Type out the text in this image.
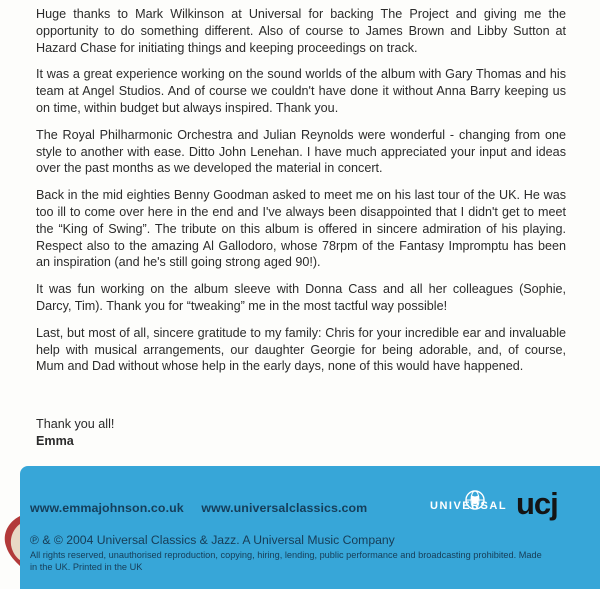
Huge thanks to Mark Wilkinson at Universal for backing The Project and giving me the opportunity to do something different. Also of course to James Brown and Libby Sutton at Hazard Chase for initiating things and keeping proceedings on track.

It was a great experience working on the sound worlds of the album with Gary Thomas and his team at Angel Studios. And of course we couldn't have done it without Anna Barry keeping us on time, within budget but always inspired. Thank you.

The Royal Philharmonic Orchestra and Julian Reynolds were wonderful - changing from one style to another with ease. Ditto John Lenehan. I have much appreciated your input and ideas over the past months as we developed the material in concert.

Back in the mid eighties Benny Goodman asked to meet me on his last tour of the UK. He was too ill to come over here in the end and I've always been disappointed that I didn't get to meet the “King of Swing”. The tribute on this album is offered in sincere admiration of his playing. Respect also to the amazing Al Gallodoro, whose 78rpm of the Fantasy Impromptu has been an inspiration (and he's still going strong aged 90!).

It was fun working on the album sleeve with Donna Cass and all her colleagues (Sophie, Darcy, Tim). Thank you for “tweaking” me in the most tactful way possible!

Last, but most of all, sincere gratitude to my family: Chris for your incredible ear and invaluable help with musical arrangements, our daughter Georgie for being adorable, and, of course, Mum and Dad without whose help in the early days, none of this would have happened.

Thank you all!
Emma
www.emmajohnson.co.uk www.universalclassics.com	UNIVERSAL ucj
℗ & © 2004 Universal Classics & Jazz. A Universal Music Company
All rights reserved, unauthorised reproduction, copying, hiring, lending, public performance and broadcasting prohibited. Made in the UK. Printed in the UK
